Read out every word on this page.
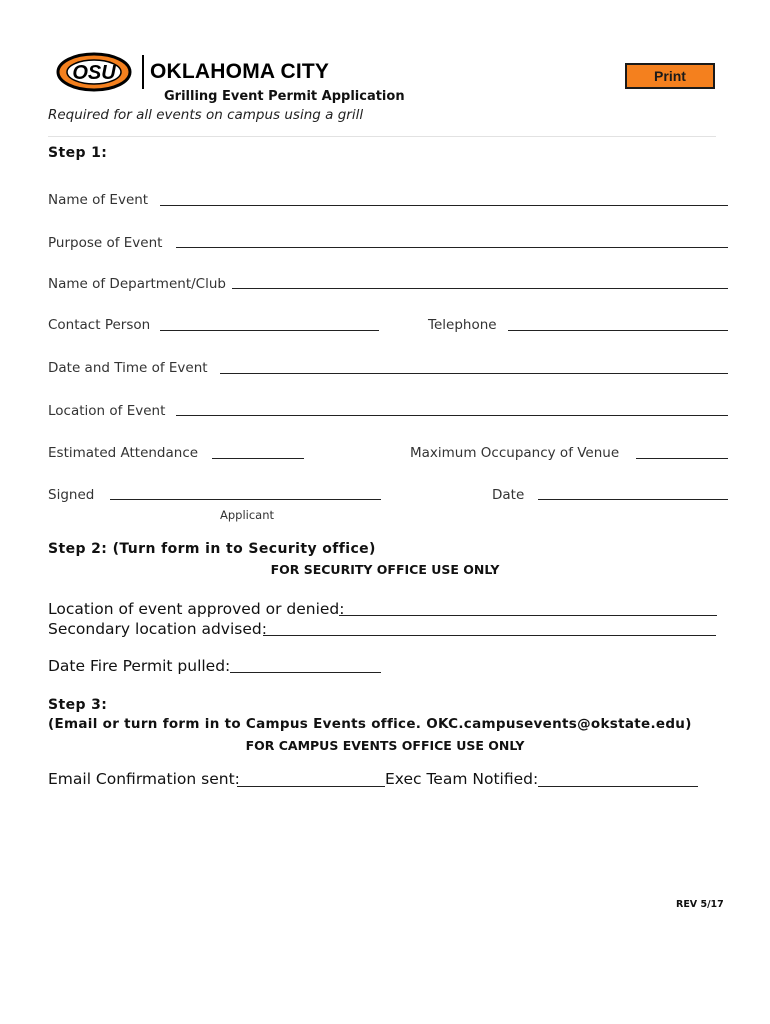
OSU OKLAHOMA CITY	Print
Grilling Event Permit Application
Required for all events on campus using a grill
Step 1:
Name of Event
Purpose of Event
Name of Department/Club
Contact Person	Telephone
Date and Time of Event
Location of Event
Estimated Attendance	Maximum Occupancy of Venue
Signed	Date
Applicant
Step 2: (Turn form in to Security office)
FOR SECURITY OFFICE USE ONLY
Location of event approved or denied:
Secondary location advised:
Date Fire Permit pulled:
Step 3:
(Email or turn form in to Campus Events office. OKC.campusevents@okstate.edu)
FOR CAMPUS EVENTS OFFICE USE ONLY
Email Confirmation sent:	Exec Team Notified:
REV 5/17
